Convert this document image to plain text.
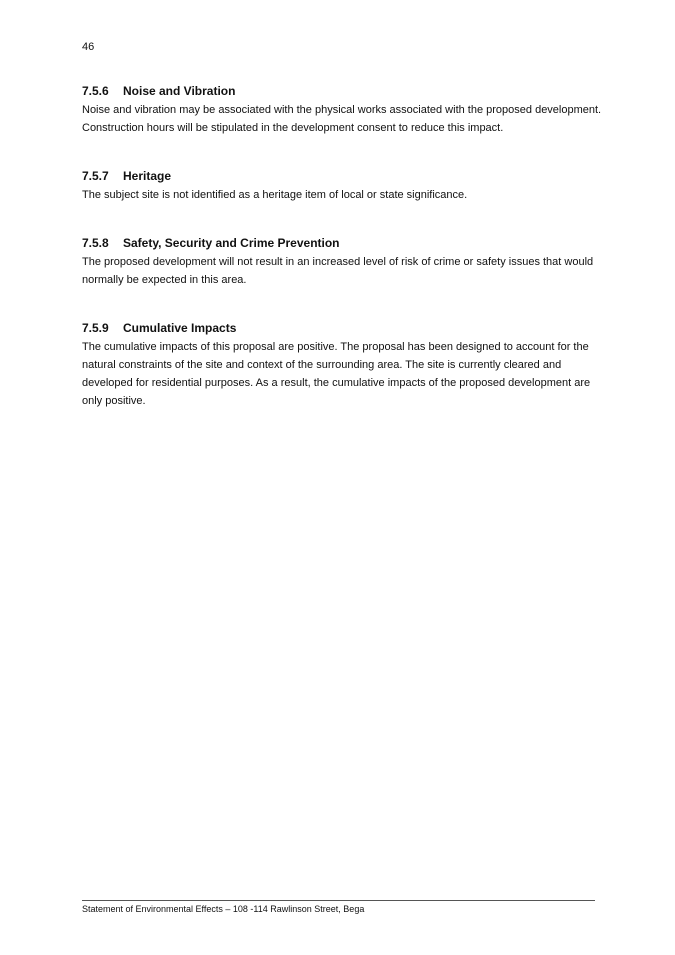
46
7.5.6 Noise and Vibration

Noise and vibration may be associated with the physical works associated with the proposed development. Construction hours will be stipulated in the development consent to reduce this impact.

7.5.7 Heritage

The subject site is not identified as a heritage item of local or state significance.

7.5.8 Safety, Security and Crime Prevention

The proposed development will not result in an increased level of risk of crime or safety issues that would normally be expected in this area.

7.5.9 Cumulative Impacts

The cumulative impacts of this proposal are positive. The proposal has been designed to account for the natural constraints of the site and context of the surrounding area. The site is currently cleared and developed for residential purposes. As a result, the cumulative impacts of the proposed development are only positive.

Statement of Environmental Effects – 108 -114 Rawlinson Street, Bega
